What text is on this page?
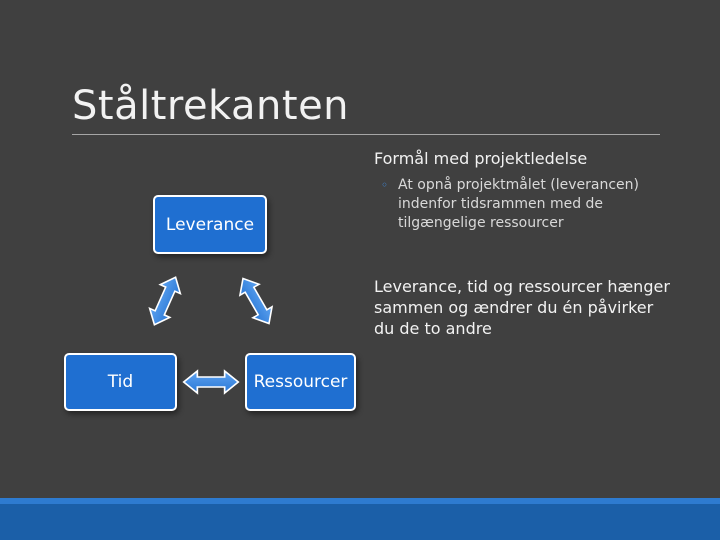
Ståltrekanten
Leverance
Tid	Ressourcer
Formål med projektledelse
◦ At opnå projektmålet (leverancen) indenfor tidsrammen med de tilgængelige ressourcer
Leverance, tid og ressourcer hænger sammen og ændrer du én påvirker du de to andre
